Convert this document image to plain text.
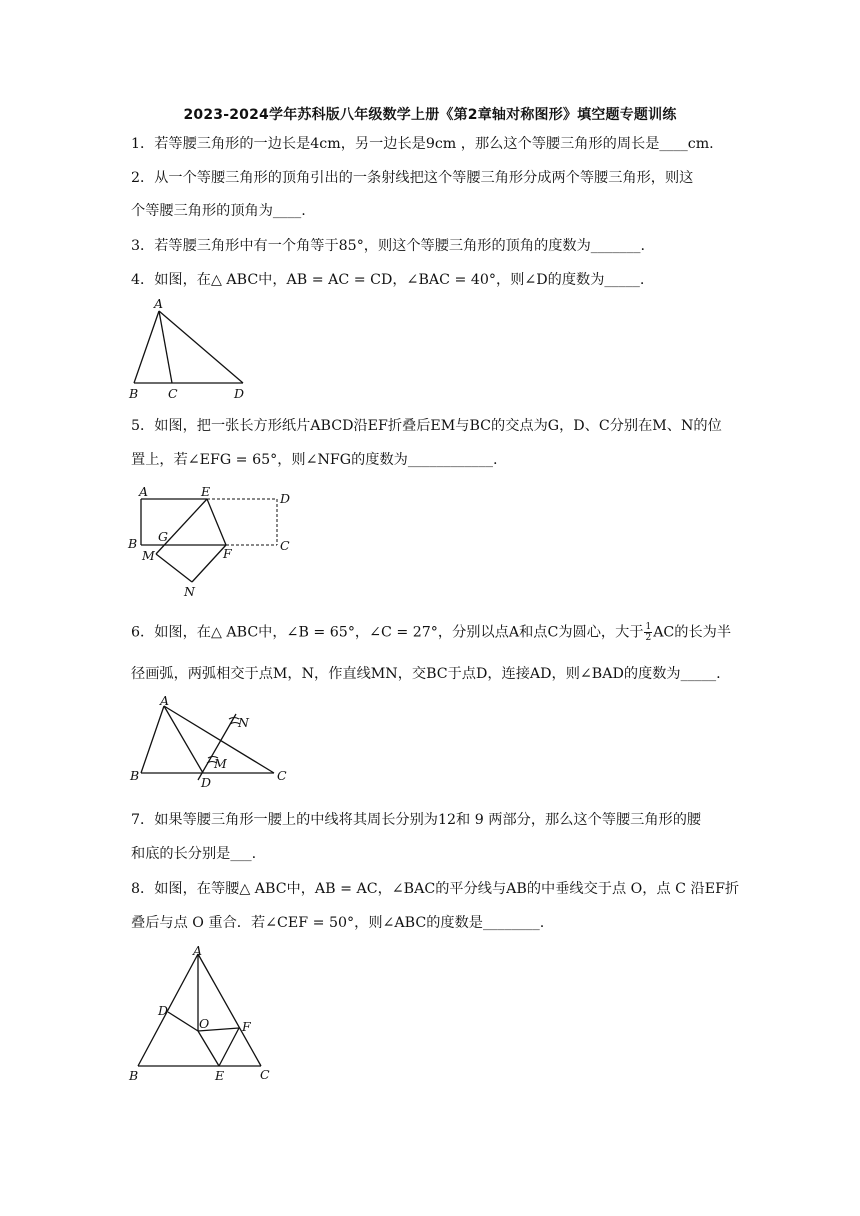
2023-2024学年苏科版八年级数学上册《第2章轴对称图形》填空题专题训练
1．若等腰三角形的一边长是4cm，另一边长是9cm ，那么这个等腰三角形的周长是____cm.
2．从一个等腰三角形的顶角引出的一条射线把这个等腰三角形分成两个等腰三角形，则这
个等腰三角形的顶角为____.
3．若等腰三角形中有一个角等于85°，则这个等腰三角形的顶角的度数为_______.
4．如图，在△ ABC中，AB = AC = CD，∠BAC = 40°，则∠D的度数为_____.
A
B C	D
5．如图，把一张长方形纸片ABCD沿EF折叠后EM与BC的交点为G，D、C分别在M、N的位
置上，若∠EFG = 65°，则∠NFG的度数为____________.
A	E	D
B G
F
C
M
N
6．如图，在△ ABC中，∠B = 65°，∠C = 27°，分别以点A和点C为圆心，大于 $\frac{1}{2}$ AC的长为半
径画弧，两弧相交于点M，N，作直线MN，交BC于点D，连接AD，则∠BAD的度数为_____.
A
B	D	C
M
N
7．如果等腰三角形一腰上的中线将其周长分别为12和 9 两部分，那么这个等腰三角形的腰
和底的长分别是___.
8．如图，在等腰△ ABC中，AB = AC，∠BAC的平分线与AB的中垂线交于点 O，点 C 沿EF折
叠后与点 O 重合．若∠CEF = 50°，则∠ABC的度数是________.
A
D
O	F
B	E	C
